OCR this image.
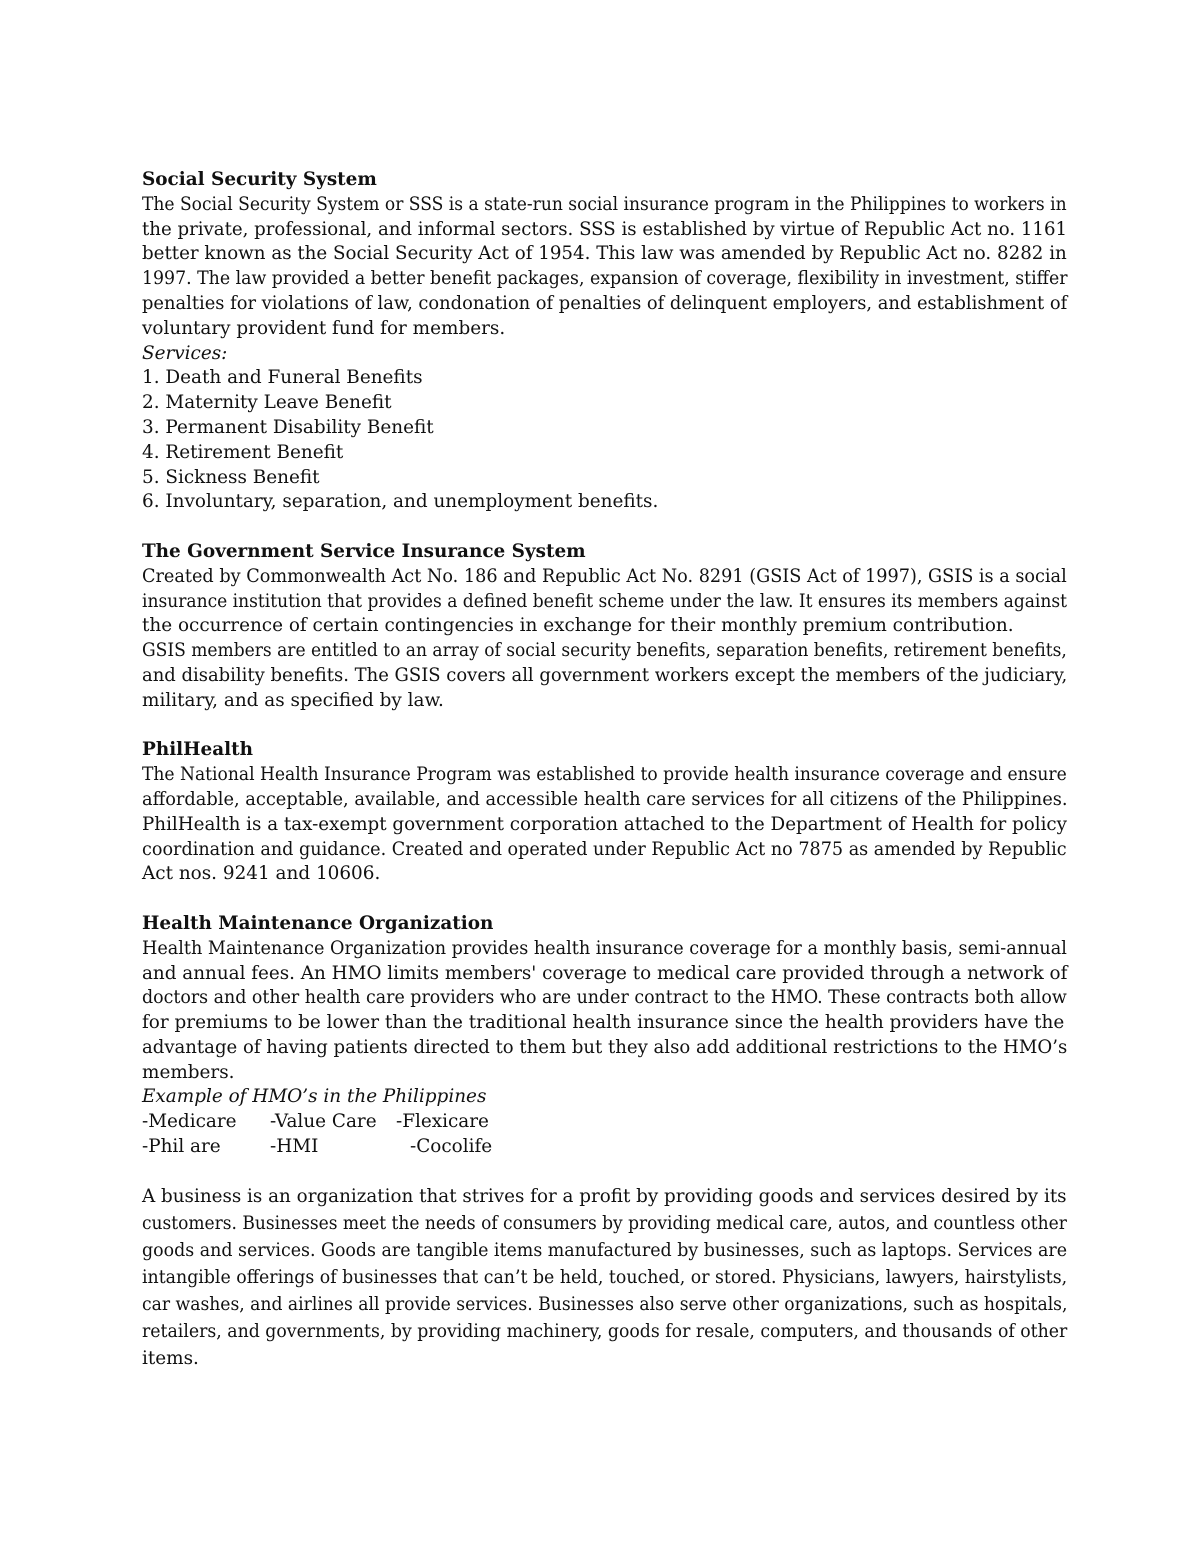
Social Security System
The Social Security System or SSS is a state-run social insurance program in the Philippines to workers in
the private, professional, and informal sectors. SSS is established by virtue of Republic Act no. 1161
better known as the Social Security Act of 1954. This law was amended by Republic Act no. 8282 in
1997. The law provided a better benefit packages, expansion of coverage, flexibility in investment, stiffer
penalties for violations of law, condonation of penalties of delinquent employers, and establishment of
voluntary provident fund for members.
Services:
1. Death and Funeral Benefits
2. Maternity Leave Benefit
3. Permanent Disability Benefit
4. Retirement Benefit
5. Sickness Benefit
6. Involuntary, separation, and unemployment benefits.
The Government Service Insurance System
Created by Commonwealth Act No. 186 and Republic Act No. 8291 (GSIS Act of 1997), GSIS is a social
insurance institution that provides a defined benefit scheme under the law. It ensures its members against
the occurrence of certain contingencies in exchange for their monthly premium contribution.
GSIS members are entitled to an array of social security benefits, separation benefits, retirement benefits,
and disability benefits. The GSIS covers all government workers except the members of the judiciary,
military, and as specified by law.
PhilHealth
The National Health Insurance Program was established to provide health insurance coverage and ensure
affordable, acceptable, available, and accessible health care services for all citizens of the Philippines.
PhilHealth is a tax-exempt government corporation attached to the Department of Health for policy
coordination and guidance. Created and operated under Republic Act no 7875 as amended by Republic
Act nos. 9241 and 10606.
Health Maintenance Organization
Health Maintenance Organization provides health insurance coverage for a monthly basis, semi-annual
and annual fees. An HMO limits members' coverage to medical care provided through a network of
doctors and other health care providers who are under contract to the HMO. These contracts both allow
for premiums to be lower than the traditional health insurance since the health providers have the
advantage of having patients directed to them but they also add additional restrictions to the HMO’s
members.
Example of HMO’s in the Philippines
-Medicare -Value Care -Flexicare
-Phil are	-HMI	-Cocolife
A business is an organization that strives for a profit by providing goods and services desired by its
customers. Businesses meet the needs of consumers by providing medical care, autos, and countless other
goods and services. Goods are tangible items manufactured by businesses, such as laptops. Services are
intangible offerings of businesses that can’t be held, touched, or stored. Physicians, lawyers, hairstylists,
car washes, and airlines all provide services. Businesses also serve other organizations, such as hospitals,
retailers, and governments, by providing machinery, goods for resale, computers, and thousands of other
items.
